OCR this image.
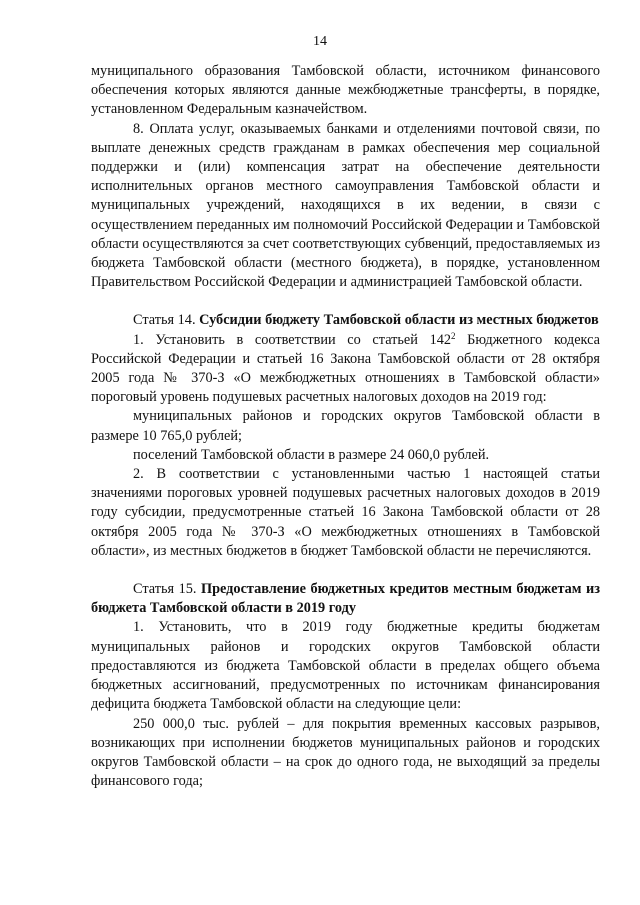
14

муниципального образования Тамбовской области, источником финансового обеспечения которых являются данные межбюджетные трансферты, в порядке, установленном Федеральным казначейством.

8. Оплата услуг, оказываемых банками и отделениями почтовой связи, по выплате денежных средств гражданам в рамках обеспечения мер социальной поддержки и (или) компенсация затрат на обеспечение деятельности исполнительных органов местного самоуправления Тамбовской области и муниципальных учреждений, находящихся в их ведении, в связи с осуществлением переданных им полномочий Российской Федерации и Тамбовской области осуществляются за счет соответствующих субвенций, предоставляемых из бюджета Тамбовской области (местного бюджета), в порядке, установленном Правительством Российской Федерации и администрацией Тамбовской области.

Статья 14. Субсидии бюджету Тамбовской области из местных бюджетов

1. Установить в соответствии со статьей $142^2$ Бюджетного кодекса Российской Федерации и статьей 16 Закона Тамбовской области от 28 октября 2005 года № 370-З «О межбюджетных отношениях в Тамбовской области» пороговый уровень подушевых расчетных налоговых доходов на 2019 год:

муниципальных районов и городских округов Тамбовской области в размере 10 765,0 рублей;

поселений Тамбовской области в размере 24 060,0 рублей.

2. В соответствии с установленными частью 1 настоящей статьи значениями пороговых уровней подушевых расчетных налоговых доходов в 2019 году субсидии, предусмотренные статьей 16 Закона Тамбовской области от 28 октября 2005 года № 370-З «О межбюджетных отношениях в Тамбовской области», из местных бюджетов в бюджет Тамбовской области не перечисляются.

Статья 15. Предоставление бюджетных кредитов местным бюджетам из бюджета Тамбовской области в 2019 году

1. Установить, что в 2019 году бюджетные кредиты бюджетам муниципальных районов и городских округов Тамбовской области предоставляются из бюджета Тамбовской области в пределах общего объема бюджетных ассигнований, предусмотренных по источникам финансирования дефицита бюджета Тамбовской области на следующие цели:

250 000,0 тыс. рублей – для покрытия временных кассовых разрывов, возникающих при исполнении бюджетов муниципальных районов и городских округов Тамбовской области – на срок до одного года, не выходящий за пределы финансового года;
